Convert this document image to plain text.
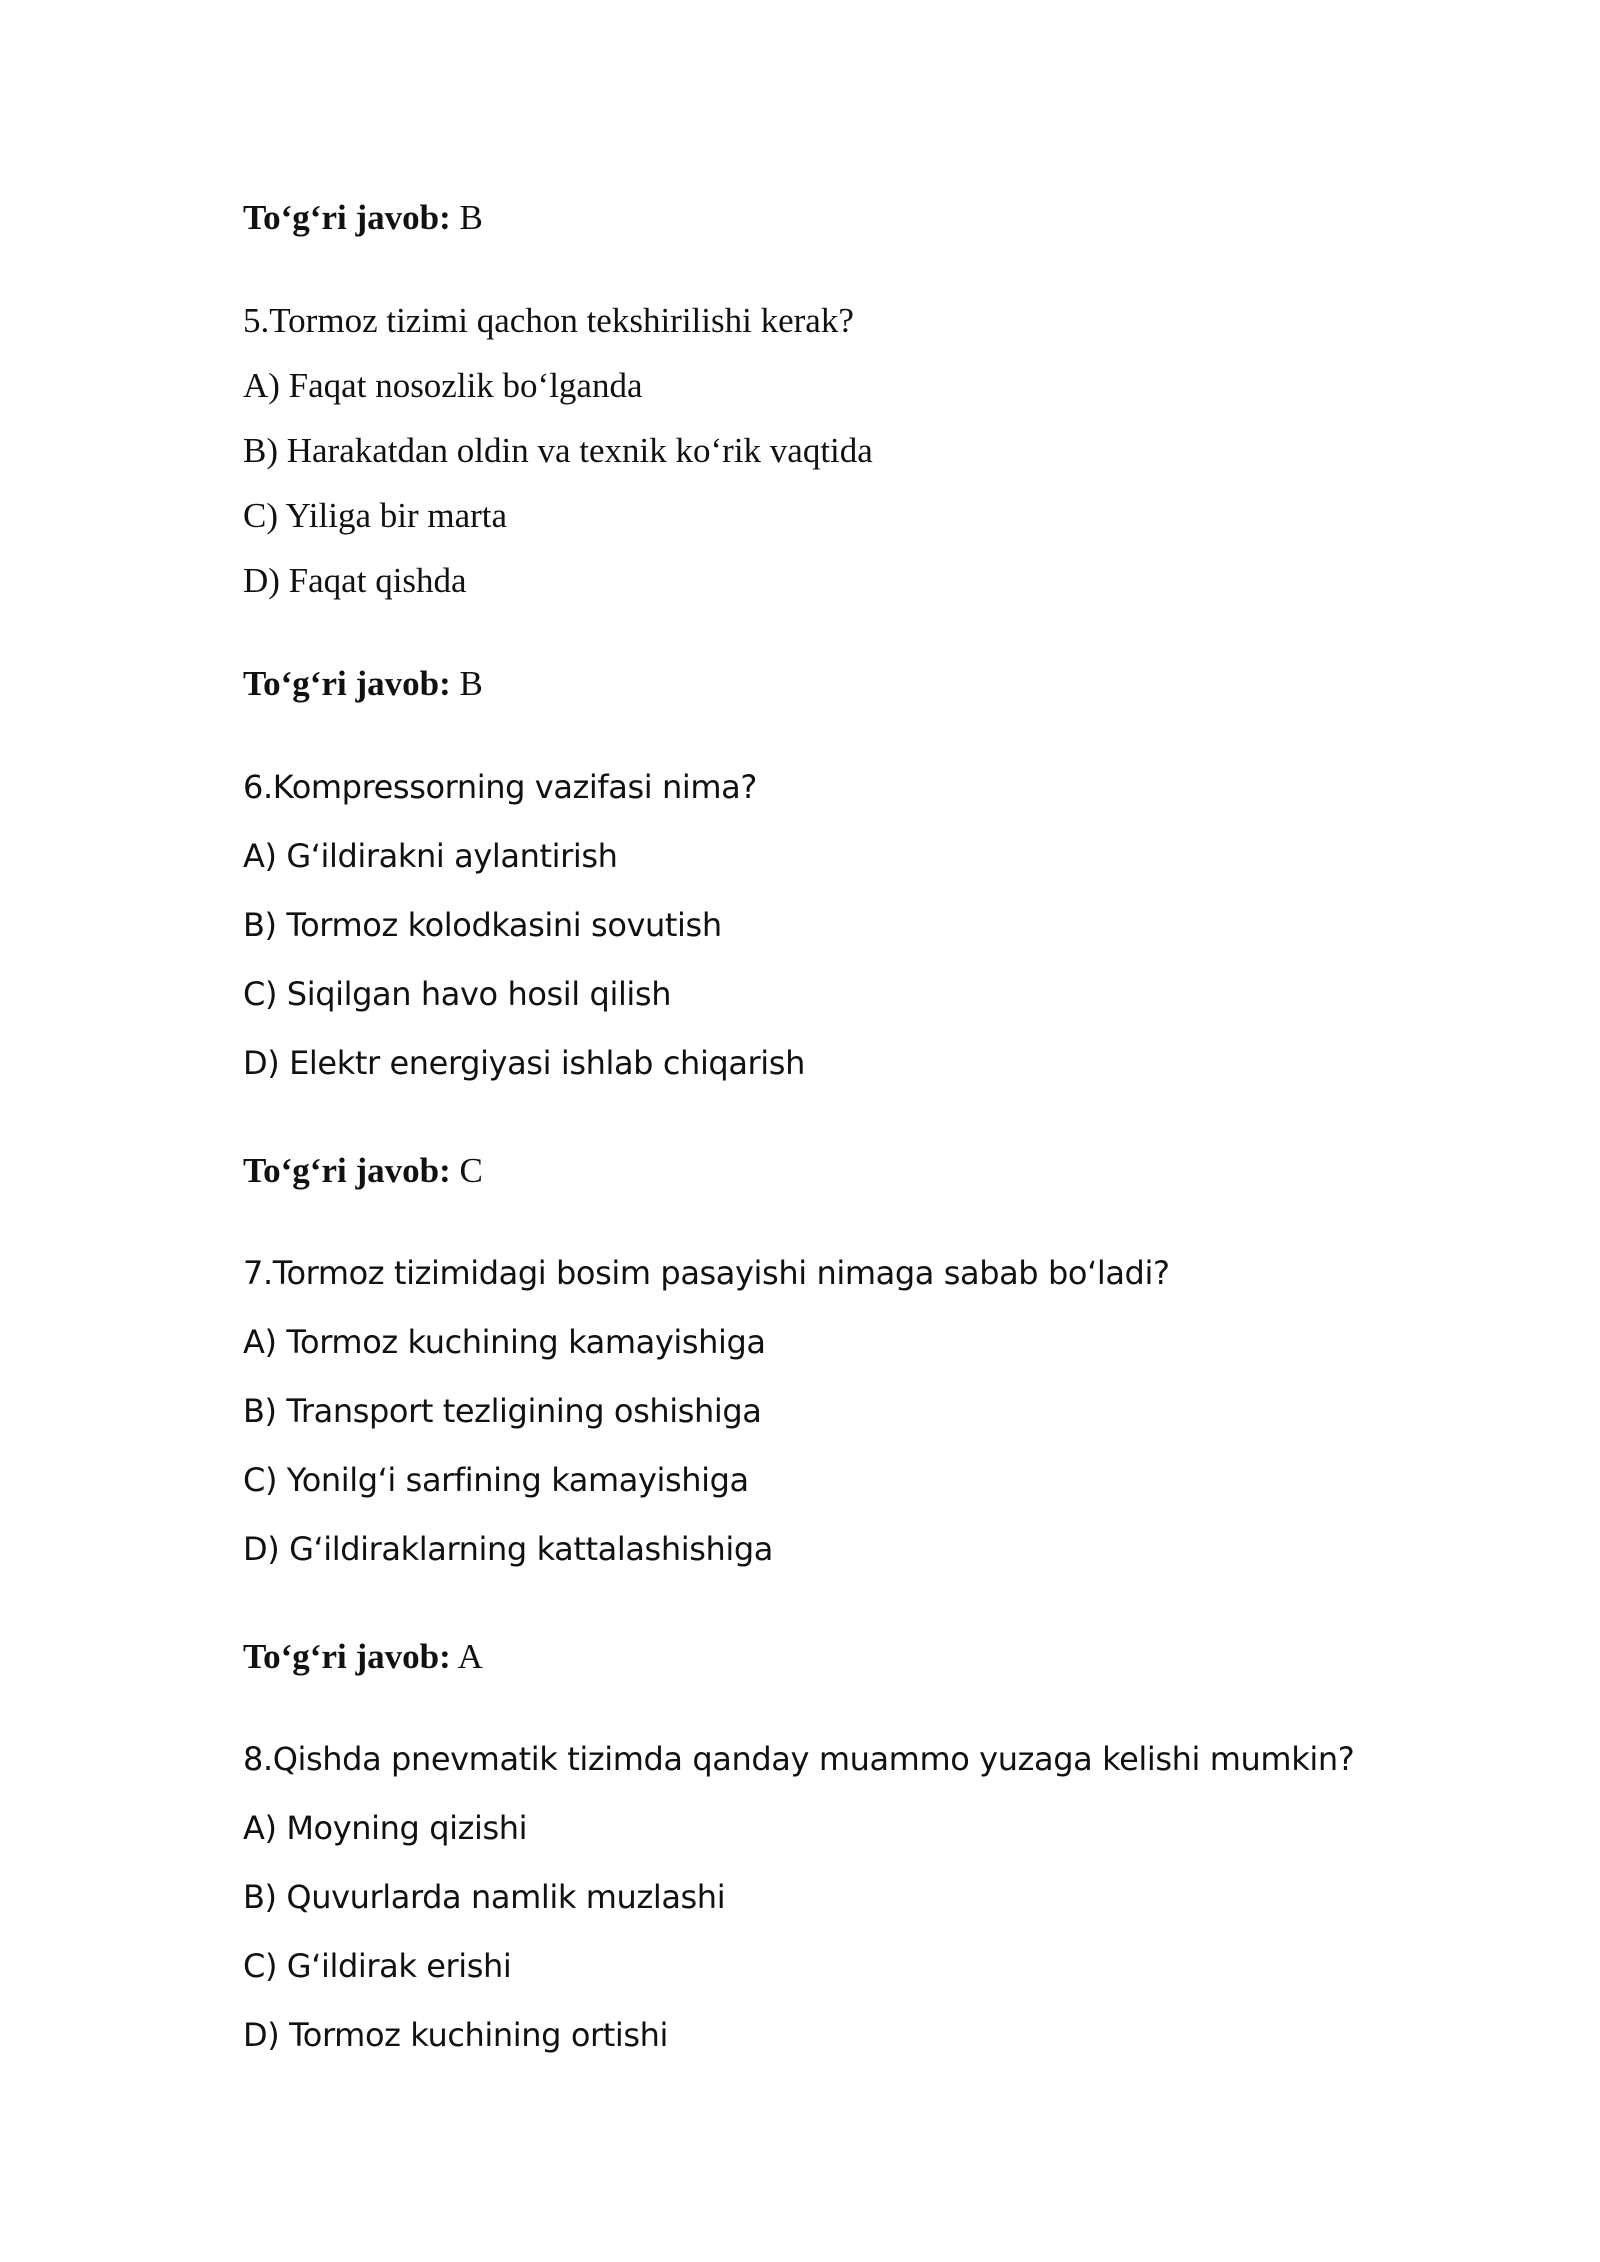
To‘g‘ri javob: B

5.Tormoz tizimi qachon tekshirilishi kerak?

A) Faqat nosozlik bo‘lganda

B) Harakatdan oldin va texnik ko‘rik vaqtida

C) Yiliga bir marta

D) Faqat qishda

To‘g‘ri javob: B

6.Kompressorning vazifasi nima?

A) G‘ildirakni aylantirish

B) Tormoz kolodkasini sovutish

C) Siqilgan havo hosil qilish

D) Elektr energiyasi ishlab chiqarish

To‘g‘ri javob: C

7.Tormoz tizimidagi bosim pasayishi nimaga sabab bo‘ladi?

A) Tormoz kuchining kamayishiga

B) Transport tezligining oshishiga

C) Yonilg‘i sarfining kamayishiga

D) G‘ildiraklarning kattalashishiga

To‘g‘ri javob: A

8.Qishda pnevmatik tizimda qanday muammo yuzaga kelishi mumkin?

A) Moyning qizishi

B) Quvurlarda namlik muzlashi

C) G‘ildirak erishi

D) Tormoz kuchining ortishi
